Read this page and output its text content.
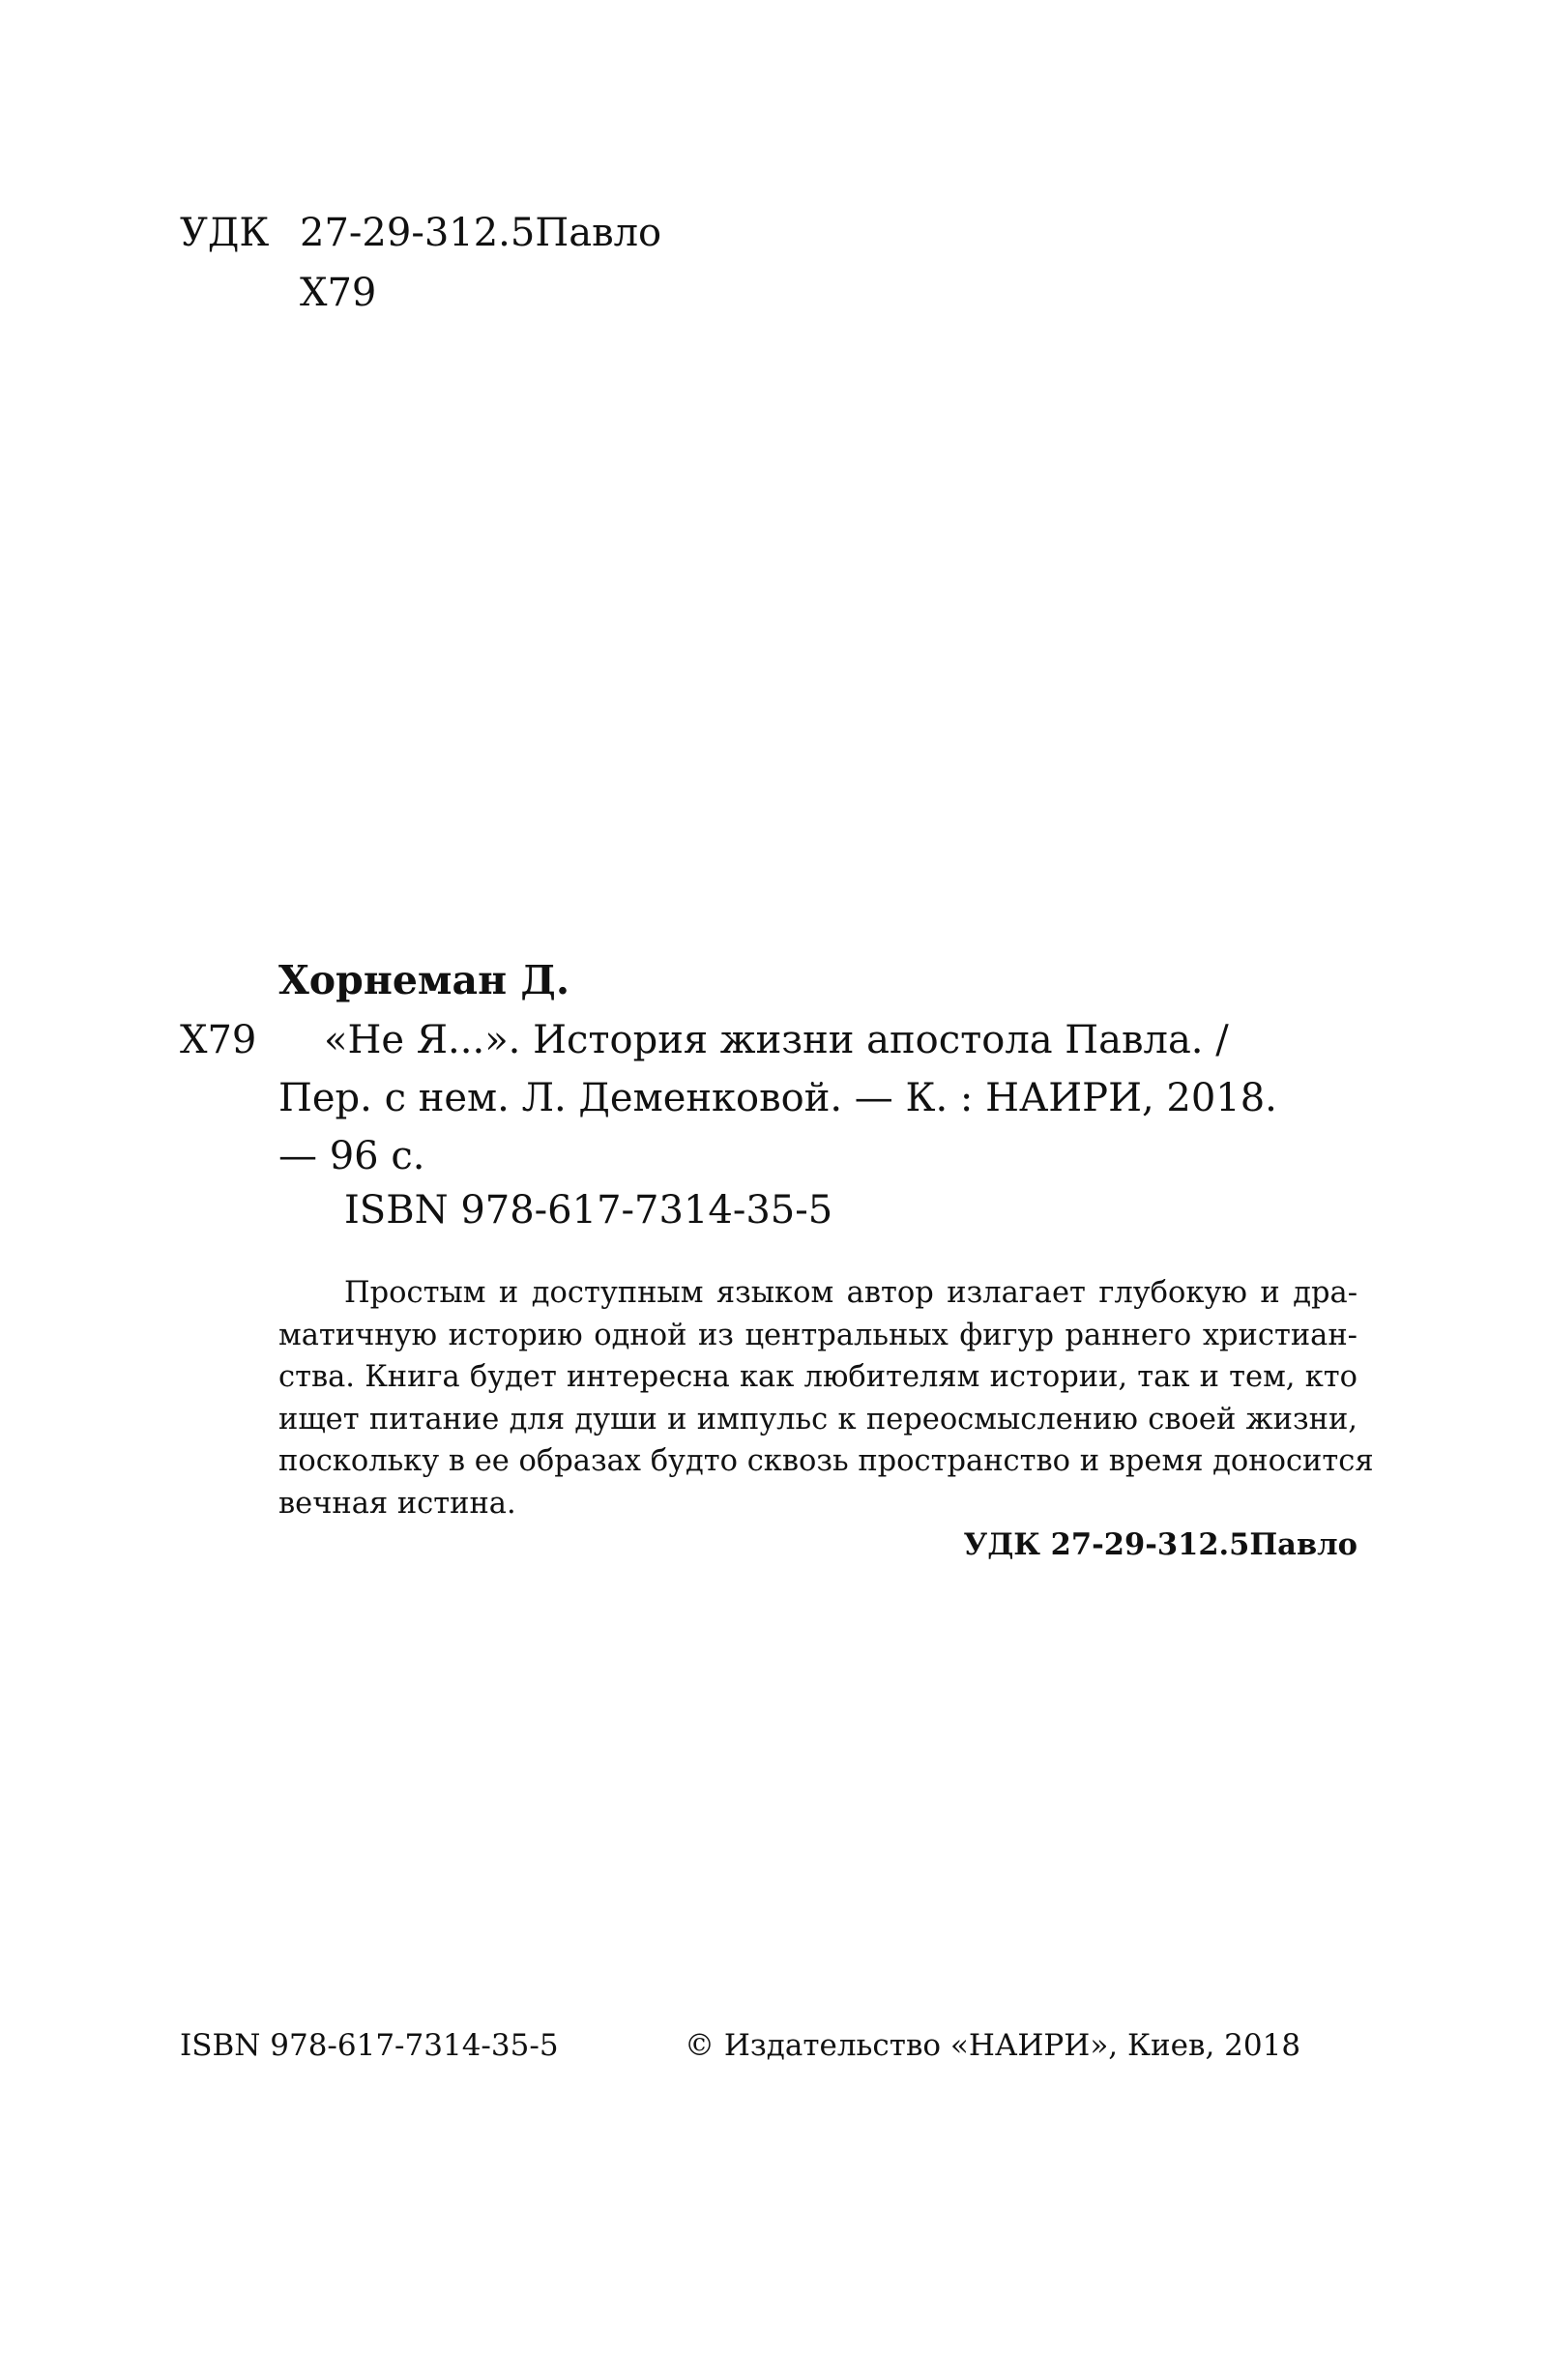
УДК 27-29-312.5Павло
Х79
Хорнеман Д.
Х79 «Не Я...». История жизни апостола Павла. /
Пер. с нем. Л. Деменковой. — К. : НАИРИ, 2018.
— 96 с.
ISBN 978-617-7314-35-5

Простым и доступным языком автор излагает глубокую и дра-

матичную историю одной из центральных фигур раннего христиан-

ства. Книга будет интересна как любителям истории, так и тем, кто

ищет питание для души и импульс к переосмыслению своей жизни,

поскольку в ее образах будто сквозь пространство и время доносится

вечная истина.

УДК 27-29-312.5Павло
ISBN 978-617-7314-35-5	© Издательство «НАИРИ», Киев, 2018
